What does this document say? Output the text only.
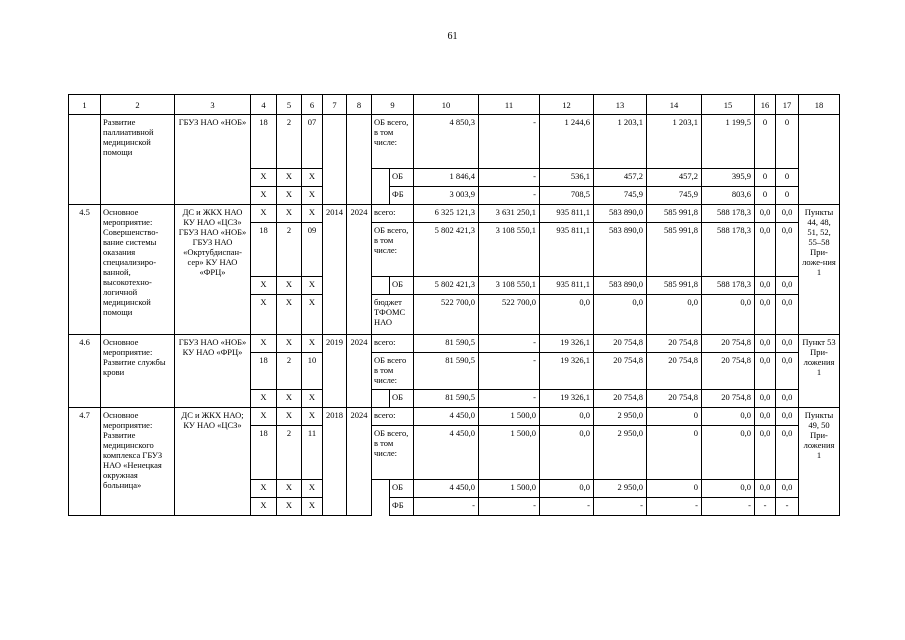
61
1	2	3	4	5	6	7	8	9		10	11	12	13	14	15	16	17	18
	Развитие паллиативной медицинской помощи	ГБУЗ НАО «НОБ»	18	2	07			ОБ всего, в том числе:		4 850,3	-	1 244,6	1 203,1	1 203,1	1 199,5	0	0	
			Х	Х	Х				ОБ	1 846,4	-	536,1	457,2	457,2	395,9	0	0	
			Х	Х	Х				ФБ	3 003,9	-	708,5	745,9	745,9	803,6	0	0	
4.5	Основное мероприятие: Совершенство-вание системы оказания специализиро-ванной, высокотехно-логичной медицинской помощи	ДС и ЖКХ НАО КУ НАО «ЦСЗ» ГБУЗ НАО «НОБ» ГБУЗ НАО «Окртубдиспан-сер» КУ НАО «ФРЦ»	Х	Х	Х	2014	2024	всего:		6 325 121,3	3 631 250,1	935 811,1	583 890,0	585 991,8	588 178,3	0,0	0,0	Пункты 44, 48, 51, 52, 55–58 При-ложе-ния 1
			18	2	09			ОБ всего, в том числе:		5 802 421,3	3 108 550,1	935 811,1	583 890,0	585 991,8	588 178,3	0,0	0,0	
			Х	Х	Х				ОБ	5 802 421,3	3 108 550,1	935 811,1	583 890,0	585 991,8	588 178,3	0,0	0,0	
			Х	Х	Х			бюджет ТФОМС НАО		522 700,0	522 700,0	0,0	0,0	0,0	0,0	0,0	0,0	
4.6	Основное мероприятие: Развитие службы крови	ГБУЗ НАО «НОБ» КУ НАО «ФРЦ»	Х	Х	Х	2019	2024	всего:		81 590,5	-	19 326,1	20 754,8	20 754,8	20 754,8	0,0	0,0	Пункт 53 При-ложения 1
			18	2	10			ОБ всего в том числе:		81 590,5	-	19 326,1	20 754,8	20 754,8	20 754,8	0,0	0,0	
			Х	Х	Х				ОБ	81 590,5	-	19 326,1	20 754,8	20 754,8	20 754,8	0,0	0,0	
4.7	Основное мероприятие: Развитие медицинского комплекса ГБУЗ НАО «Ненецкая окружная больница»	ДС и ЖКХ НАО; КУ НАО «ЦСЗ»	Х	Х	Х	2018	2024	всего:		4 450,0	1 500,0	0,0	2 950,0	0	0,0	0,0	0,0	Пункты 49, 50 При-ложения 1
			18	2	11			ОБ всего, в том числе:		4 450,0	1 500,0	0,0	2 950,0	0	0,0	0,0	0,0	
			Х	Х	Х				ОБ	4 450,0	1 500,0	0,0	2 950,0	0	0,0	0,0	0,0	
			Х	Х	Х				ФБ	-	-	-	-	-	-	-	-	
